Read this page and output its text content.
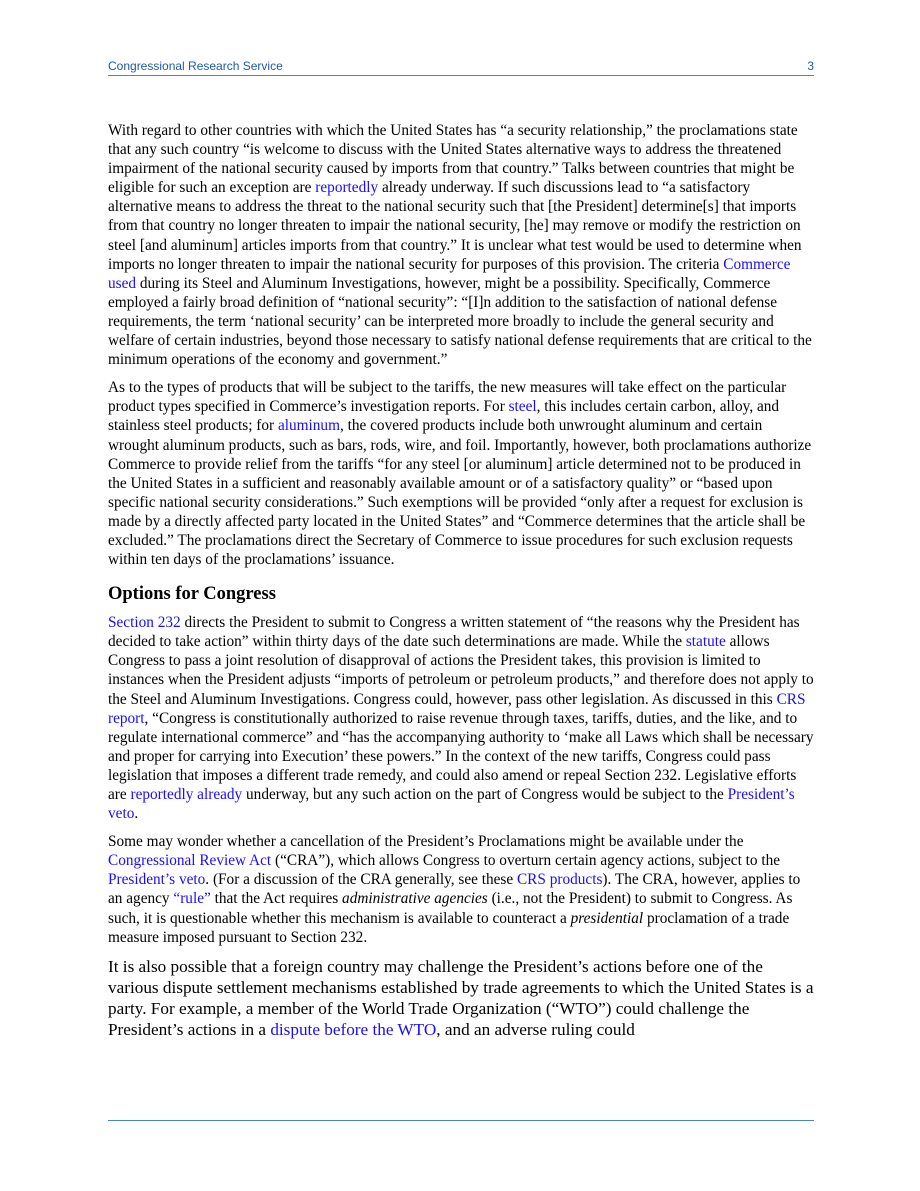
Congressional Research Service	3

With regard to other countries with which the United States has “a security relationship,” the proclamations state that any such country “is welcome to discuss with the United States alternative ways to address the threatened impairment of the national security caused by imports from that country.” Talks between countries that might be eligible for such an exception are reportedly already underway. If such discussions lead to “a satisfactory alternative means to address the threat to the national security such that [the President] determine[s] that imports from that country no longer threaten to impair the national security, [he] may remove or modify the restriction on steel [and aluminum] articles imports from that country.” It is unclear what test would be used to determine when imports no longer threaten to impair the national security for purposes of this provision. The criteria Commerce used during its Steel and Aluminum Investigations, however, might be a possibility. Specifically, Commerce employed a fairly broad definition of “national security”: “[I]n addition to the satisfaction of national defense requirements, the term ‘national security’ can be interpreted more broadly to include the general security and welfare of certain industries, beyond those necessary to satisfy national defense requirements that are critical to the minimum operations of the economy and government.”

As to the types of products that will be subject to the tariffs, the new measures will take effect on the particular product types specified in Commerce’s investigation reports. For steel, this includes certain carbon, alloy, and stainless steel products; for aluminum, the covered products include both unwrought aluminum and certain wrought aluminum products, such as bars, rods, wire, and foil. Importantly, however, both proclamations authorize Commerce to provide relief from the tariffs “for any steel [or aluminum] article determined not to be produced in the United States in a sufficient and reasonably available amount or of a satisfactory quality” or “based upon specific national security considerations.” Such exemptions will be provided “only after a request for exclusion is made by a directly affected party located in the United States” and “Commerce determines that the article shall be excluded.” The proclamations direct the Secretary of Commerce to issue procedures for such exclusion requests within ten days of the proclamations’ issuance.

Options for Congress

Section 232 directs the President to submit to Congress a written statement of “the reasons why the President has decided to take action” within thirty days of the date such determinations are made. While the statute allows Congress to pass a joint resolution of disapproval of actions the President takes, this provision is limited to instances when the President adjusts “imports of petroleum or petroleum products,” and therefore does not apply to the Steel and Aluminum Investigations. Congress could, however, pass other legislation. As discussed in this CRS report, “Congress is constitutionally authorized to raise revenue through taxes, tariffs, duties, and the like, and to regulate international commerce” and “has the accompanying authority to ‘make all Laws which shall be necessary and proper for carrying into Execution’ these powers.” In the context of the new tariffs, Congress could pass legislation that imposes a different trade remedy, and could also amend or repeal Section 232. Legislative efforts are reportedly already underway, but any such action on the part of Congress would be subject to the President’s veto.

Some may wonder whether a cancellation of the President’s Proclamations might be available under the Congressional Review Act (“CRA”), which allows Congress to overturn certain agency actions, subject to the President’s veto. (For a discussion of the CRA generally, see these CRS products). The CRA, however, applies to an agency “rule” that the Act requires administrative agencies (i.e., not the President) to submit to Congress. As such, it is questionable whether this mechanism is available to counteract a presidential proclamation of a trade measure imposed pursuant to Section 232.

It is also possible that a foreign country may challenge the President’s actions before one of the various dispute settlement mechanisms established by trade agreements to which the United States is a party. For example, a member of the World Trade Organization (“WTO”) could challenge the President’s actions in a dispute before the WTO, and an adverse ruling could
